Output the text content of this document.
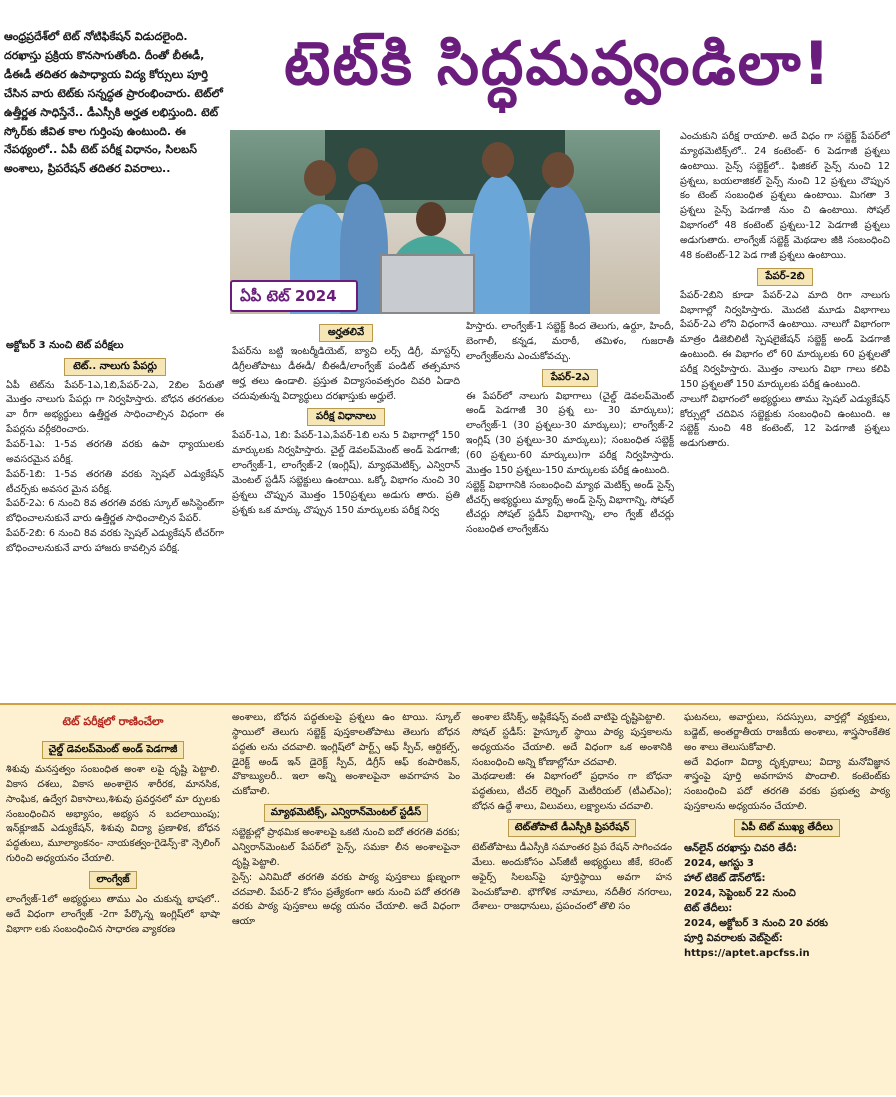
టెట్‌కి సిద్ధమవ్వండిలా!
ఆంధ్రప్రదేశ్‌లో టెట్ నోటిఫికేషన్ విడుదలైంది. దరఖాస్తు ప్రక్రియ కొనసాగుతోంది. దీంతో బీఈడీ, డీఈడీ తదితర ఉపాధ్యాయ విద్య కోర్సులు పూర్తి చేసిన వారు టెట్‌కు సన్నద్ధత ప్రారంభించారు. టెట్‌లో ఉత్తీర్ణత సాధిస్తేనే.. డీఎస్సీకి అర్హత లభిస్తుంది. టెట్ స్కోర్‌కు జీవిత కాల గుర్తింపు ఉంటుంది. ఈ నేపథ్యంలో.. ఏపీ టెట్ పరీక్ష విధానం, సిలబస్ అంశాలు, ప్రిపరేషన్ తదితర వివరాలు..
ఏపీ టెట్ 2024
అక్టోబర్ 3 నుంచి టెట్ పరీక్షలు
టెట్.. నాలుగు పేపర్లు
ఏపీ టెట్‌ను పేపర్-1ఎ,1బి,పేపర్-2ఎ, 2బిల పేరుతో మొత్తం నాలుగు పేపర్లు గా నిర్వహిస్తారు. బోధన తరగతుల వా రీగా అభ్యర్థులు ఉత్తీర్ణత సాధించాల్సిన విధంగా ఈ పేపర్లను వర్గీకరించారు.
పేపర్-1ఎ: 1-5వ తరగతి వరకు ఉపా ధ్యాయులకు అవసరమైన పరీక్ష.
పేపర్-1బి: 1-5వ తరగతి వరకు స్పెషల్ ఎడ్యుకేషన్ టీచర్స్‌కు అవసర మైన పరీక్ష.
పేపర్-2ఎ: 6 నుంచి 8వ తరగతి వరకు స్కూల్ అసిస్టెంట్‌గా బోధించాలనుకునే వారు ఉత్తీర్ణత సాధించాల్సిన పేపర్.
పేపర్-2బి: 6 నుంచి 8వ వరకు స్పెషల్ ఎడ్యుకేషన్ టీచర్‌గా బోధించాలనుకునే వారు హాజరు కావల్సిన పరీక్ష.
అర్హతలివే
పేపర్‌ను బట్టి ఇంటర్మీడియెట్, బ్యాచి లర్స్ డిగ్రీ, మాస్టర్స్ డిగ్రీలతోపాటు డీఈడీ/ బీఈడీ/లాంగ్వేజ్ పండిట్ తత్సమాన అర్హ తలు ఉండాలి. ప్రస్తుత విద్యాసంవత్సరం చివరి ఏడాది చదువుతున్న విద్యార్థులు దరఖాస్తుకు అర్హులే.
పరీక్ష విధానాలు
పేపర్-1ఎ, 1బి: పేపర్-1ఎ,పేపర్-1బి లను 5 విభాగాల్లో 150 మార్కులకు నిర్వహిస్తారు. చైల్డ్ డెవలప్‌మెంట్ అండ్ పెడగాజీ; లాంగ్వేజ్-1, లాంగ్వేజ్-2 (ఇంగ్లిష్), మ్యాథమెటిక్స్, ఎన్విరాన్ మెంటల్ స్టడీస్ సబ్జెక్టులు ఉంటాయి. ఒక్కో విభాగం నుంచి 30 ప్రశ్నలు చొప్పున మొత్తం 150ప్రశ్నలు అడుగు తారు. ప్రతి ప్రశ్నకు ఒక మార్కు చొప్పున 150 మార్కులకు పరీక్ష నిర్వ
హిస్తారు. లాంగ్వేజ్-1 సబ్జెక్ట్ కింద తెలుగు, ఉర్దూ, హిందీ, బెంగాలీ, కన్నడ, మరాఠీ, తమిళం, గుజరాతీ లాంగ్వేజ్‌లను ఎంచుకోవచ్చు.
పేపర్-2ఎ
ఈ పేపర్‌లో నాలుగు విభాగాలు (చైల్డ్ డెవలప్‌మెంట్ అండ్ పెడగాజీ 30 ప్రశ్న లు- 30 మార్కులు); లాంగ్వేజ్-1 (30 ప్రశ్నలు-30 మార్కులు); లాంగ్వేజ్-2 ఇంగ్లిష్ (30 ప్రశ్నలు-30 మార్కులు); సంబంధిత సబ్జెక్ట్ (60 ప్రశ్నలు-60 మార్కులు)గా పరీక్ష నిర్వహిస్తారు. మొత్తం 150 ప్రశ్నలు-150 మార్కులకు పరీక్ష ఉంటుంది.
సబ్జెక్ట్ విభాగానికి సంబంధించి మ్యాథ మెటిక్స్ అండ్ సైన్స్ టీచర్స్ అభ్యర్థులు మ్యాథ్స్ అండ్ సైన్స్ విభాగాన్ని, సోషల్ టీచర్లు సోషల్ స్టడీస్ విభాగాన్ని, లాం గ్వేజ్ టీచర్లు సంబంధిత లాంగ్వేజ్‌ను
ఎంచుకుని పరీక్ష రాయాలి. అదే విధం గా సబ్జెక్ట్ పేపర్‌లో మ్యాథమెటిక్స్‌లో.. 24 కంటెంట్- 6 పెడగాజీ ప్రశ్నలు ఉంటాయి. సైన్స్ సబ్జెక్ట్‌లో.. ఫిజికల్ సైన్స్ నుంచి 12 ప్రశ్నలు, బయలాజికల్ సైన్స్ నుంచి 12 ప్రశ్నలు చొప్పున కం టెంట్ సంబంధిత ప్రశ్నలు ఉంటాయి. మిగతా 3 ప్రశ్నలు సైన్స్ పెడగాజీ నుం చి ఉంటాయి. సోషల్ విభాగంలో 48 కంటెంట్ ప్రశ్నలు-12 పెడగాజీ ప్రశ్నలు అడుగుతారు. లాంగ్వేజ్ సబ్జెక్ట్ మెథడాల జీకి సంబంధించి 48 కంటెంట్-12 పెడ గాజీ ప్రశ్నలు ఉంటాయి.
పేపర్-2బి
పేపర్-2బిని కూడా పేపర్-2ఎ మాది రిగా నాలుగు విభాగాల్లో నిర్వహిస్తారు. మొదటి మూడు విభాగాలు పేపర్-2ఎ లోని విధంగానే ఉంటాయి. నాలుగో విభాగంగా మాత్రం డిజెబిలిటీ స్పెషలైజేషన్ సబ్జెక్ట్ అండ్ పెడగాజీ ఉంటుంది. ఈ విభాగం లో 60 మార్కులకు 60 ప్రశ్నలతో పరీక్ష నిర్వహిస్తారు. మొత్తం నాలుగు విభా గాలు కలిపి 150 ప్రశ్నలతో 150 మార్కులకు పరీక్ష ఉంటుంది.
నాలుగో విభాగంలో అభ్యర్థులు తాము స్పెషల్ ఎడ్యుకేషన్ కోర్సుల్లో చదివిన సబ్జెక్టుకు సంబంధించి ఉంటుంది. ఆ సబ్జెక్ట్ నుంచి 48 కంటెంట్, 12 పెడగాజీ ప్రశ్నలు అడుగుతారు.
టెట్ పరీక్షలో రాణించేలా
చైల్డ్ డెవలప్‌మెంట్ అండ్ పెడగాజీ
శిశువు మనస్తత్వం సంబంధిత అంశా లపై దృష్టి పెట్టాలి. వికాస దశలు, వికాస అంశాలైన శారీరక, మానసిక, సాంఘిక, ఉద్వేగ వికాసాలు,శిశువు ప్రవర్తనలో మా ర్పులకు సంబంధించిన అభ్యాసం, అభ్యస న బదలాయింపు; ఇన్‌క్లూజివ్ ఎడ్యుకేషన్, శిశువు విద్యా ప్రణాళిక, బోధన పద్ధతులు, మూల్యాంకనం- నాయకత్వం-గైడెన్స్-కౌ న్సెలింగ్ గురించి అధ్యయనం చేయాలి.
లాంగ్వేజ్
లాంగ్వేజ్-1లో అభ్యర్థులు తాము ఎం చుకున్న భాషలో.. అదే విధంగా లాంగ్వేజ్ -2గా పేర్కొన్న ఇంగ్లిష్‌లో భాషా విభాగా లకు సంబంధించిన సాధారణ వ్యాకరణ
అంశాలు, బోధన పద్ధతులపై ప్రశ్నలు ఉం టాయి. స్కూల్ స్థాయిలో తెలుగు సబ్జెక్ట్ పుస్తకాలతోపాటు తెలుగు బోధన పద్ధతు లను చదవాలి. ఇంగ్లిష్‌లో పార్ట్స్ ఆఫ్ స్పీచ్, ఆర్టికల్స్, డైరెక్ట్ అండ్ ఇన్ డైరెక్ట్ స్పీచ్, డిగ్రీస్ ఆఫ్ కంపారిజన్, వొకాబ్యులరీ.. ఇలా అన్ని అంశాలపైనా అవగాహన పెం చుకోవాలి.
మ్యాథమెటిక్స్, ఎన్విరాన్‌మెంటల్ స్టడీస్
సబ్జెక్టుల్లో ప్రాథమిక అంశాలపై ఒకటి నుంచి ఐదో తరగతి వరకు; ఎన్విరాన్‌మెంటల్ పేపర్‌లో సైన్స్, సమకా లీన అంశాలపైనా దృష్టి పెట్టాలి.
సైన్స్: ఎనిమిదో తరగతి వరకు పాఠ్య పుస్తకాలు క్షుణ్నంగా చదవాలి. పేపర్-2 కోసం ప్రత్యేకంగా ఆరు నుంచి పదో తరగతి వరకు పాఠ్య పుస్తకాలు అధ్య యనం చేయాలి. అదే విధంగా ఆయా
అంశాల బేసిక్స్, అప్లికేషన్స్ వంటి వాటిపై దృష్టిపెట్టాలి.
సోషల్ స్టడీస్: హైస్కూల్ స్థాయి పాఠ్య పుస్తకాలను అధ్యయనం చేయాలి. అదే విధంగా ఒక అంశానికి సంబంధించి అన్ని కోణాల్లోనూ చదవాలి.
మెథడాలజీ: ఈ విభాగంలో ప్రధానం గా బోధనా పద్ధతులు, టీచర్ లెర్నింగ్ మెటీరియల్ (టీఎల్ఎం); బోధన ఉద్దే శాలు, విలువలు, లక్ష్యాలను చదవాలి.
టెట్‌తోపాటే డీఎస్సీకి ప్రిపరేషన్
టెట్‌తోపాటు డీఎస్సీకి సమాంతర ప్రిప రేషన్ సాగించడం మేలు. అందుకోసం ఎస్‌జీటీ అభ్యర్థులు జీకే, కరెంట్ అఫైర్స్ సిలబస్‌పై పూర్తిస్థాయి అవగా హన పెంచుకోవాలి. భౌగోళిక నామాలు, నదీతీర నగరాలు, దేశాలు- రాజధానులు, ప్రపంచంలో తొలి సం
ఘటనలు, అవార్డులు, సదస్సులు, వార్తల్లో వ్యక్తులు, బడ్జెట్, అంతర్జాతీయ రాజకీయ అంశాలు, శాస్త్రసాంకేతిక అం శాలు తెలుసుకోవాలి.
అదే విధంగా విద్యా దృక్పథాలు; విద్యా మనోవిజ్ఞాన శాస్త్రంపై పూర్తి అవగాహన పొందాలి. కంటెంట్‌కు సంబంధించి పదో తరగతి వరకు ప్రభుత్వ పాఠ్య పుస్తకాలను అధ్యయనం చేయాలి.
ఏపీ టెట్ ముఖ్య తేదీలు
ఆన్‌లైన్ దరఖాస్తు చివరి తేదీ:
2024, ఆగస్టు 3
హాల్ టికెట్ డౌన్‌లోడ్:
2024, సెప్టెంబర్ 22 నుంచి
టెట్ తేదీలు:
2024, అక్టోబర్ 3 నుంచి 20 వరకు
పూర్తి వివరాలకు వెబ్‌సైట్:
https://aptet.apcfss.in
